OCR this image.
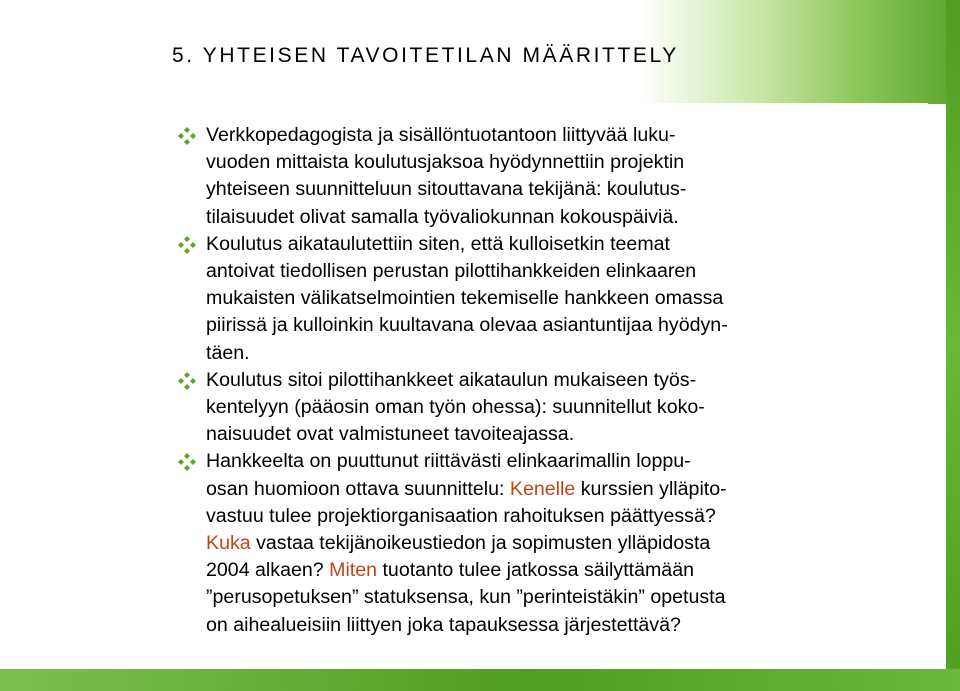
5. YHTEISEN TAVOITETILAN MÄÄRITTELY
Verkkopedagogista ja sisällöntuotantoon liittyvää luku-
vuoden mittaista koulutusjaksoa hyödynnettiin projektin
yhteiseen suunnitteluun sitouttavana tekijänä: koulutus-
tilaisuudet olivat samalla työvaliokunnan kokouspäiviä.
Koulutus aikataulutettiin siten, että kulloisetkin teemat
antoivat tiedollisen perustan pilottihankkeiden elinkaaren
mukaisten välikatselmointien tekemiselle hankkeen omassa
piirissä ja kulloinkin kuultavana olevaa asiantuntijaa hyödyn-
täen.
Koulutus sitoi pilottihankkeet aikataulun mukaiseen työs-
kentelyyn (pääosin oman työn ohessa): suunnitellut koko-
naisuudet ovat valmistuneet tavoiteajassa.
Hankkeelta on puuttunut riittävästi elinkaarimallin loppu-
osan huomioon ottava suunnittelu: Kenelle kurssien ylläpito-
vastuu tulee projektiorganisaation rahoituksen päättyessä?
Kuka vastaa tekijänoikeustiedon ja sopimusten ylläpidosta
2004 alkaen? Miten tuotanto tulee jatkossa säilyttämään
”perusopetuksen” statuksensa, kun ”perinteistäkin” opetusta
on aihealueisiin liittyen joka tapauksessa järjestettävä?
